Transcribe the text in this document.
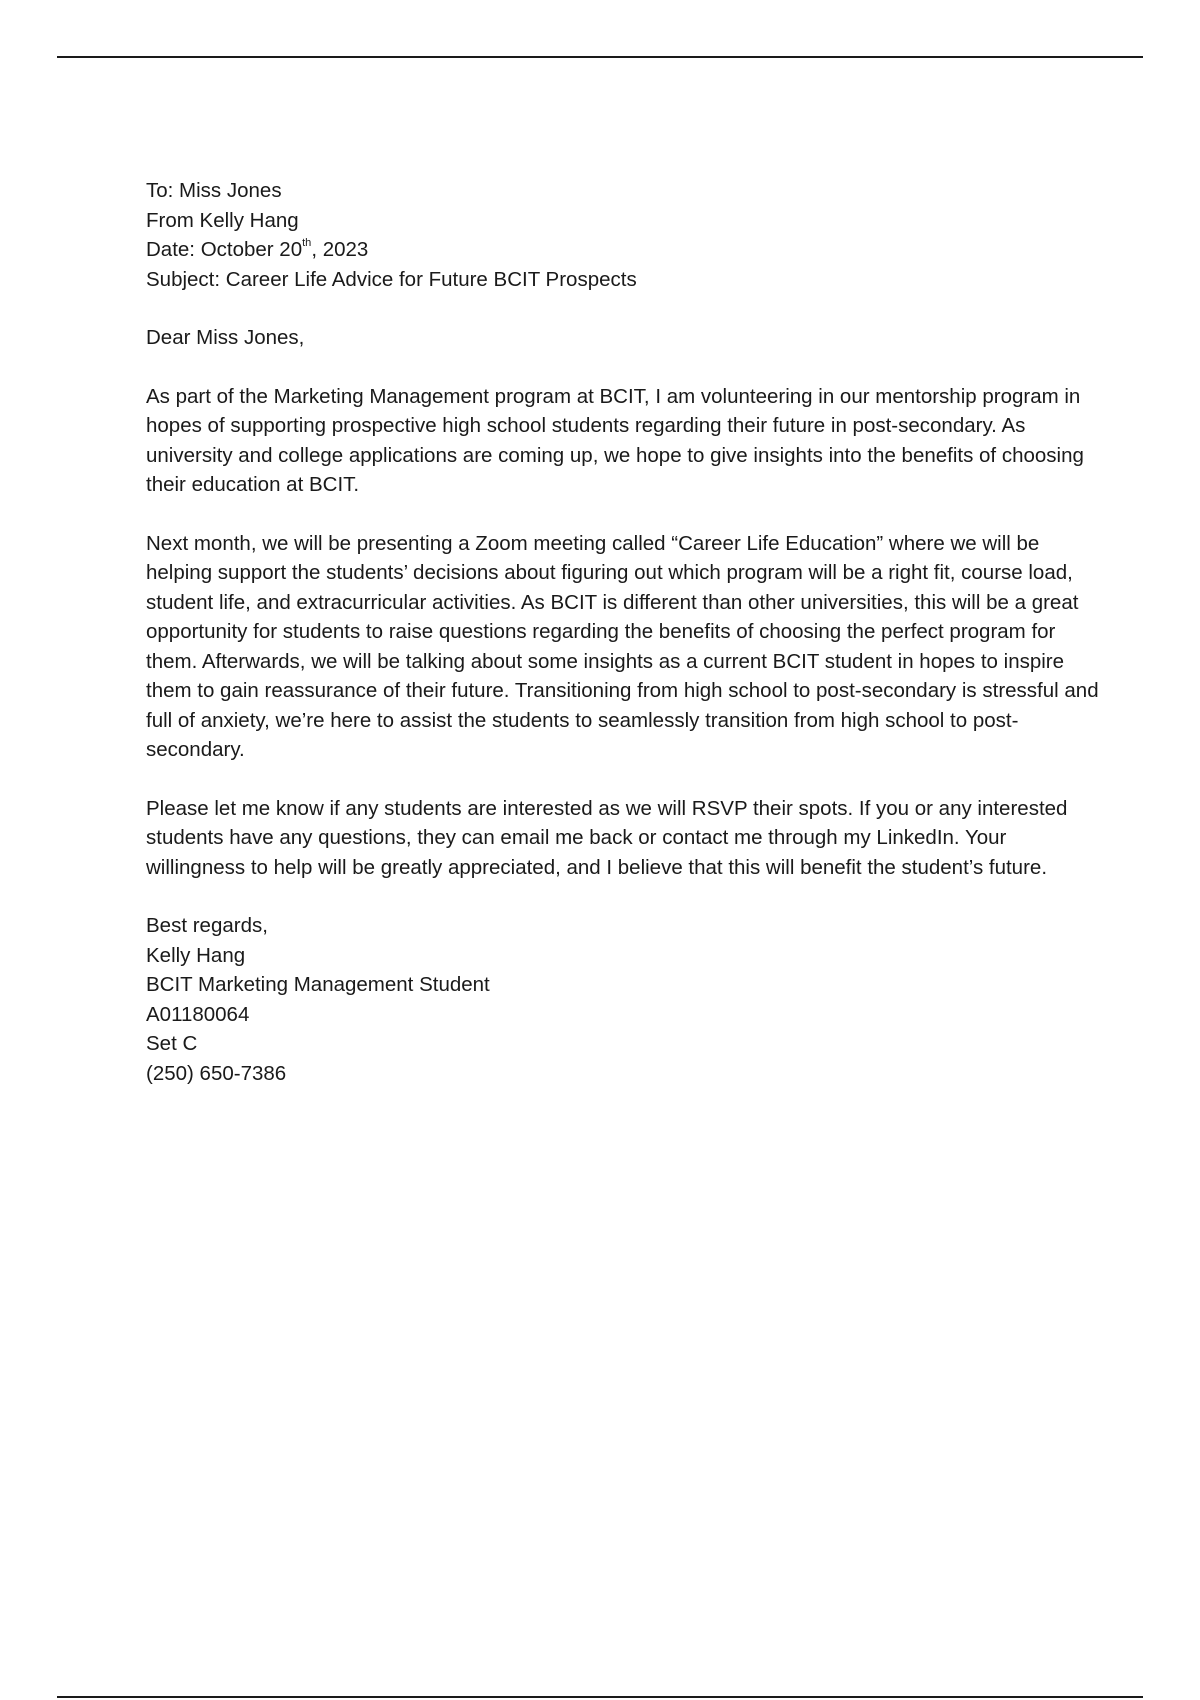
To: Miss Jones
From Kelly Hang
Date: October 20th, 2023
Subject: Career Life Advice for Future BCIT Prospects

Dear Miss Jones,

As part of the Marketing Management program at BCIT, I am volunteering in our mentorship program in hopes of supporting prospective high school students regarding their future in post-secondary. As university and college applications are coming up, we hope to give insights into the benefits of choosing their education at BCIT.

Next month, we will be presenting a Zoom meeting called “Career Life Education” where we will be helping support the students’ decisions about figuring out which program will be a right fit, course load, student life, and extracurricular activities. As BCIT is different than other universities, this will be a great opportunity for students to raise questions regarding the benefits of choosing the perfect program for them. Afterwards, we will be talking about some insights as a current BCIT student in hopes to inspire them to gain reassurance of their future. Transitioning from high school to post-secondary is stressful and full of anxiety, we’re here to assist the students to seamlessly transition from high school to post-secondary.

Please let me know if any students are interested as we will RSVP their spots. If you or any interested students have any questions, they can email me back or contact me through my LinkedIn. Your willingness to help will be greatly appreciated, and I believe that this will benefit the student’s future.

Best regards,
Kelly Hang
BCIT Marketing Management Student
A01180064
Set C
(250) 650-7386
